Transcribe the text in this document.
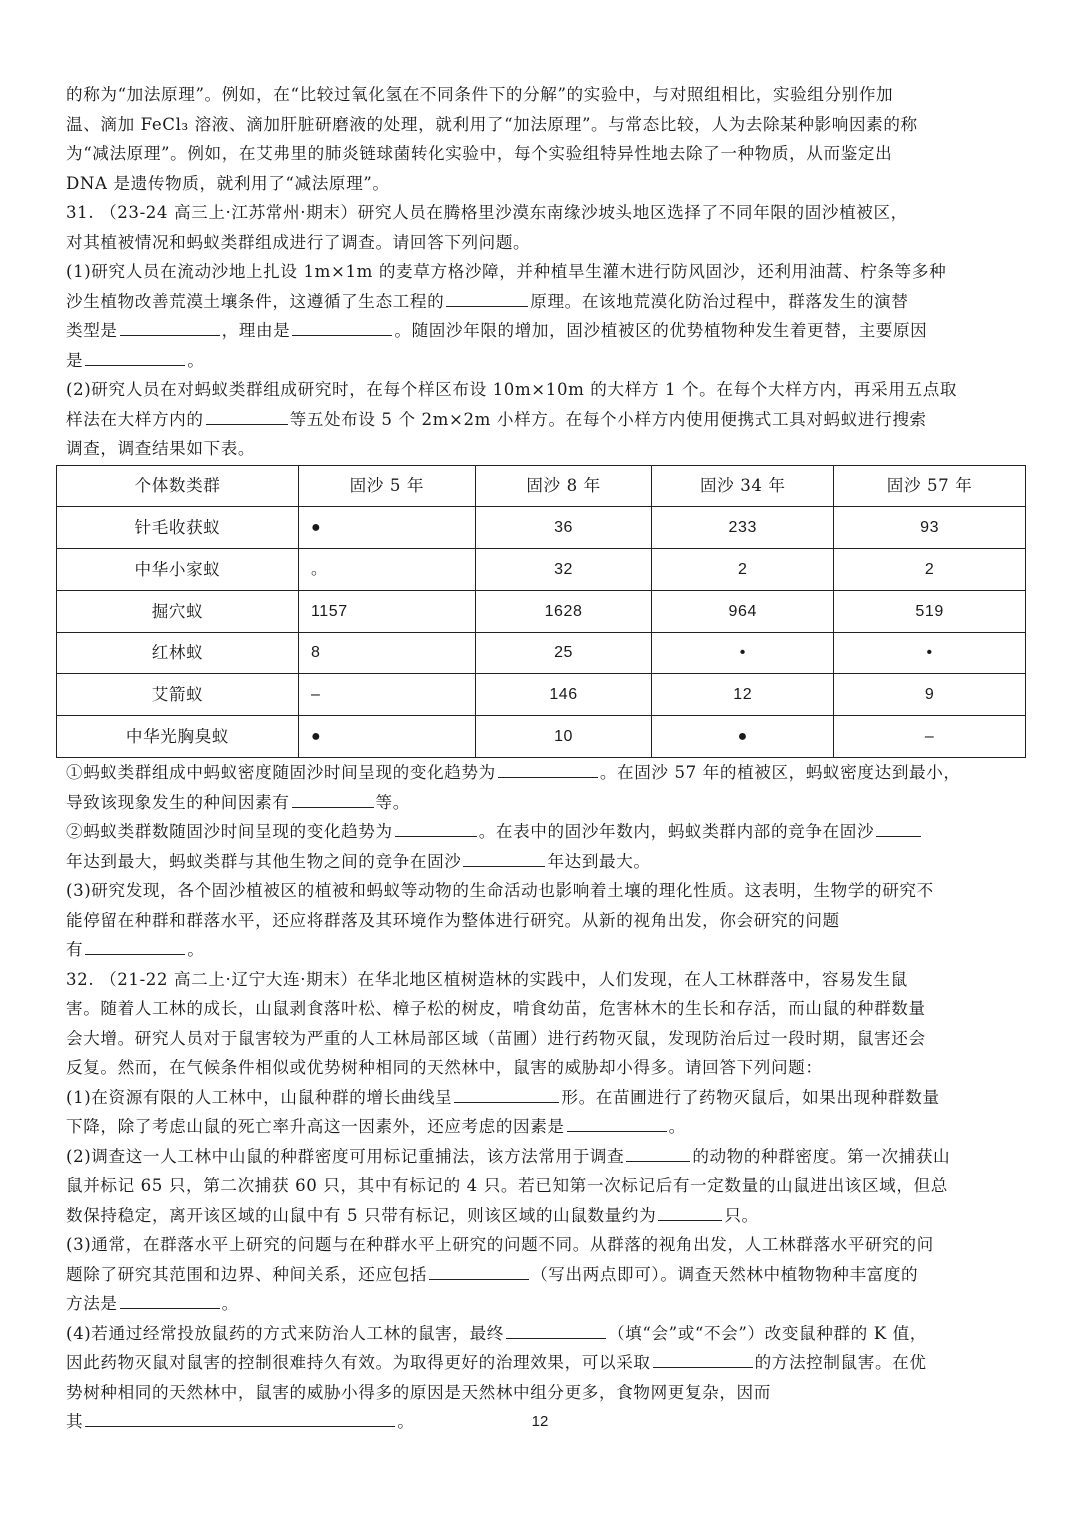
的称为“加法原理”。例如，在“比较过氧化氢在不同条件下的分解”的实验中，与对照组相比，实验组分别作加

温、滴加 FeCl₃ 溶液、滴加肝脏研磨液的处理，就利用了“加法原理”。与常态比较，人为去除某种影响因素的称

为“减法原理”。例如，在艾弗里的肺炎链球菌转化实验中，每个实验组特异性地去除了一种物质，从而鉴定出

DNA 是遗传物质，就利用了“减法原理”。

31. （23-24 高三上·江苏常州·期末）研究人员在腾格里沙漠东南缘沙坡头地区选择了不同年限的固沙植被区，

对其植被情况和蚂蚁类群组成进行了调查。请回答下列问题。

(1)研究人员在流动沙地上扎设 1m×1m 的麦草方格沙障，并种植旱生灌木进行防风固沙，还利用油蒿、柠条等多种

沙生植物改善荒漠土壤条件，这遵循了生态工程的	原理。在该地荒漠化防治过程中，群落发生的演替

类型是	，理由是	。随固沙年限的增加，固沙植被区的优势植物种发生着更替，主要原因

是	。

(2)研究人员在对蚂蚁类群组成研究时，在每个样区布设 10m×10m 的大样方 1 个。在每个大样方内，再采用五点取

样法在大样方内的	等五处布设 5 个 2m×2m 小样方。在每个小样方内使用便携式工具对蚂蚁进行搜索

调查，调查结果如下表。

个体数类群	固沙 5 年	固沙 8 年	固沙 34 年	固沙 57 年
针毛收获蚁	●	36	233	93
中华小家蚁	。	32	2	2
掘穴蚁	1157	1628	964	519
红林蚁	8	25	•	•
艾箭蚁	–	146	12	9
中华光胸臭蚁	●	10	●	–

①蚂蚁类群组成中蚂蚁密度随固沙时间呈现的变化趋势为	。在固沙 57 年的植被区，蚂蚁密度达到最小，

导致该现象发生的种间因素有	等。

②蚂蚁类群数随固沙时间呈现的变化趋势为	。在表中的固沙年数内，蚂蚁类群内部的竞争在固沙

年达到最大，蚂蚁类群与其他生物之间的竞争在固沙	年达到最大。

(3)研究发现，各个固沙植被区的植被和蚂蚁等动物的生命活动也影响着土壤的理化性质。这表明，生物学的研究不

能停留在种群和群落水平，还应将群落及其环境作为整体进行研究。从新的视角出发，你会研究的问题

有	。

32. （21-22 高二上·辽宁大连·期末）在华北地区植树造林的实践中，人们发现，在人工林群落中，容易发生鼠

害。随着人工林的成长，山鼠剥食落叶松、樟子松的树皮，啃食幼苗，危害林木的生长和存活，而山鼠的种群数量

会大增。研究人员对于鼠害较为严重的人工林局部区域（苗圃）进行药物灭鼠，发现防治后过一段时期，鼠害还会

反复。然而，在气候条件相似或优势树种相同的天然林中，鼠害的威胁却小得多。请回答下列问题：

(1)在资源有限的人工林中，山鼠种群的增长曲线呈	形。在苗圃进行了药物灭鼠后，如果出现种群数量

下降，除了考虑山鼠的死亡率升高这一因素外，还应考虑的因素是	。

(2)调查这一人工林中山鼠的种群密度可用标记重捕法，该方法常用于调查	的动物的种群密度。第一次捕获山

鼠并标记 65 只，第二次捕获 60 只，其中有标记的 4 只。若已知第一次标记后有一定数量的山鼠进出该区域，但总

数保持稳定，离开该区域的山鼠中有 5 只带有标记，则该区域的山鼠数量约为	只。

(3)通常，在群落水平上研究的问题与在种群水平上研究的问题不同。从群落的视角出发，人工林群落水平研究的问

题除了研究其范围和边界、种间关系，还应包括	（写出两点即可）。调查天然林中植物物种丰富度的

方法是	。

(4)若通过经常投放鼠药的方式来防治人工林的鼠害，最终	（填“会”或“不会”）改变鼠种群的 K 值，

因此药物灭鼠对鼠害的控制很难持久有效。为取得更好的治理效果，可以采取	的方法控制鼠害。在优

势树种相同的天然林中，鼠害的威胁小得多的原因是天然林中组分更多，食物网更复杂，因而

其	。	12
